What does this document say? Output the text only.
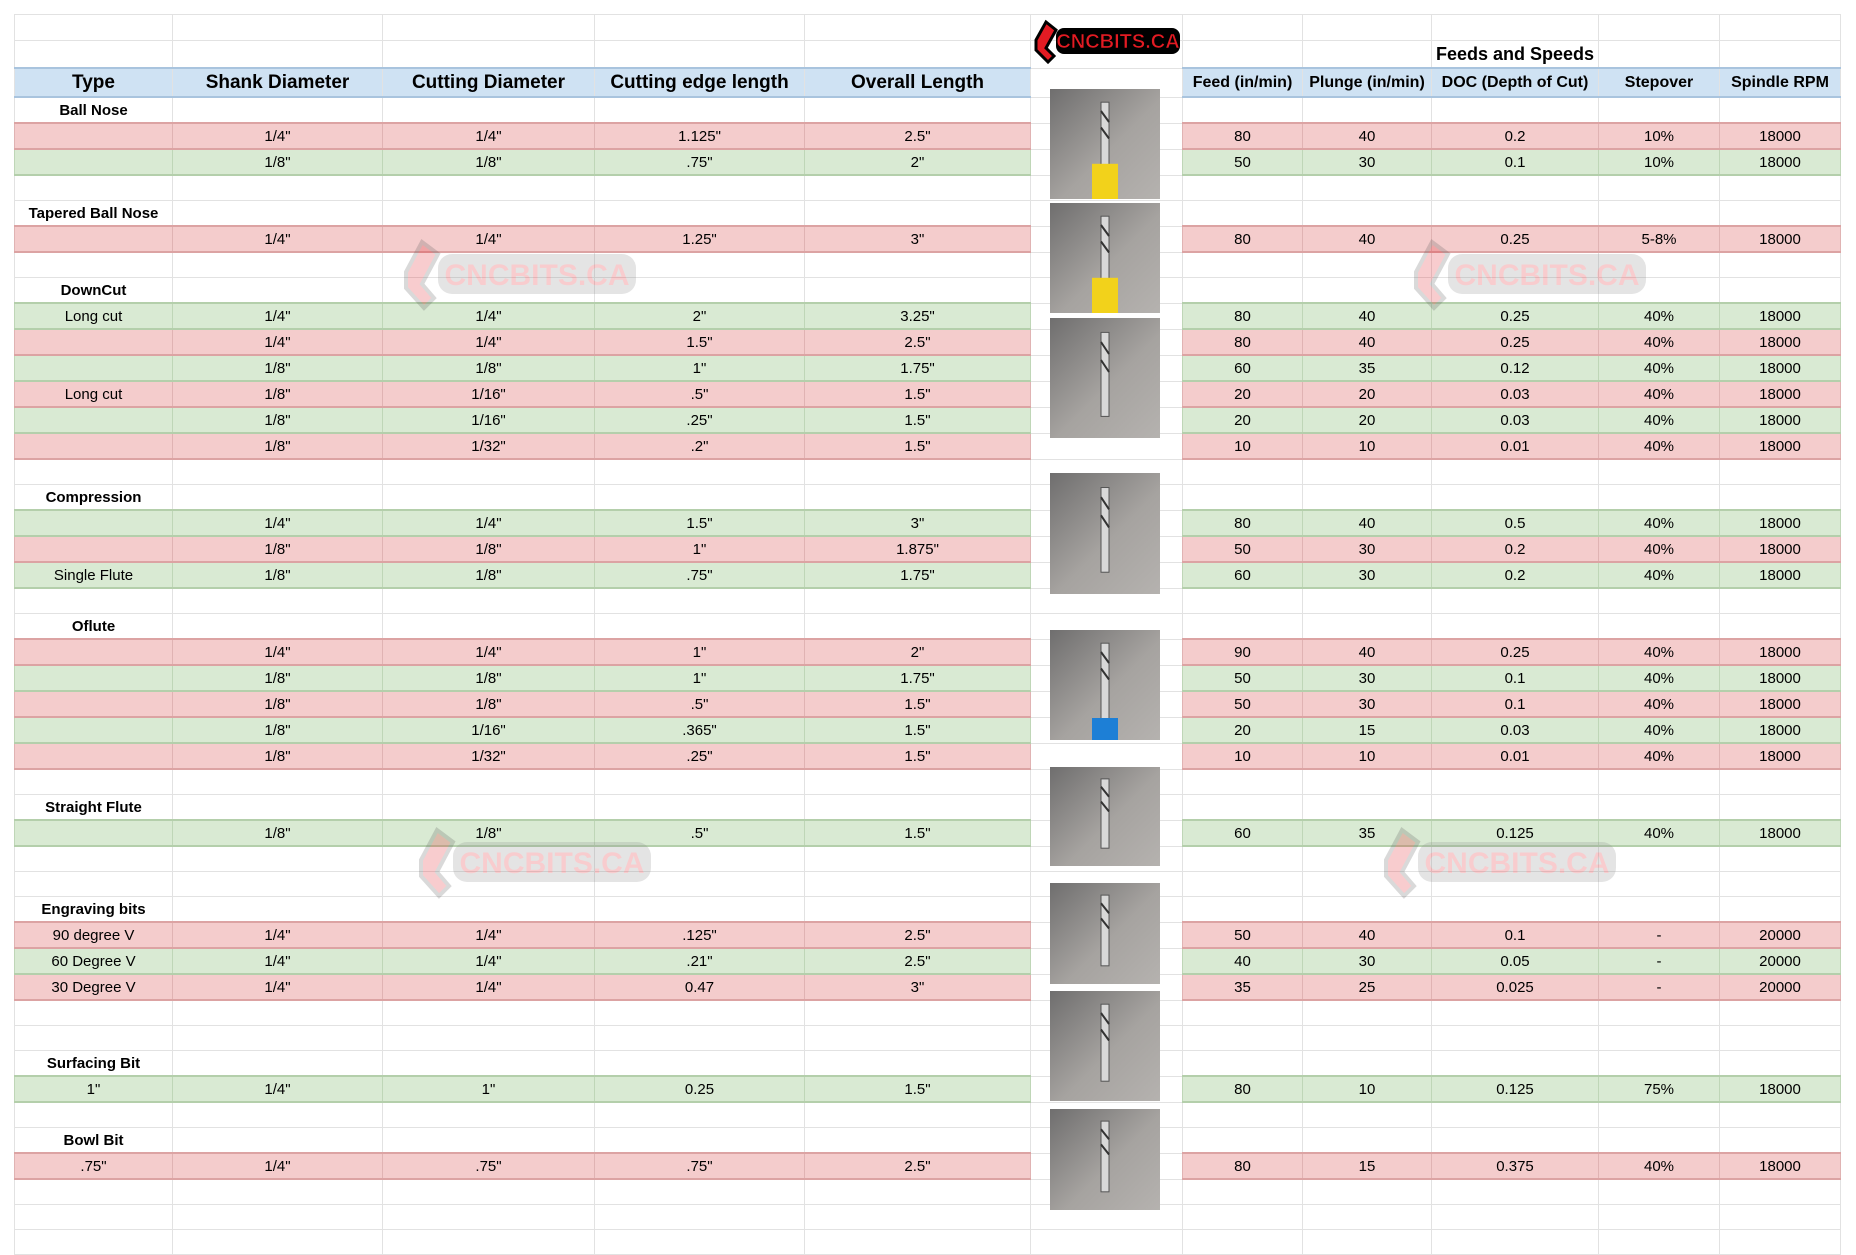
								Feeds and Speeds		
Type	Shank Diameter	Cutting Diameter	Cutting edge length	Overall Length		Feed (in/min)	Plunge (in/min)	DOC (Depth of Cut)	Stepover	Spindle RPM
Ball Nose										
	1/4"	1/4"	1.125"	2.5"		80	40	0.2	10%	18000
	1/8"	1/8"	.75"	2"		50	30	0.1	10%	18000

Tapered Ball Nose										
	1/4"	1/4"	1.25"	3"		80	40	0.25	5-8%	18000

DownCut										
Long cut	1/4"	1/4"	2"	3.25"		80	40	0.25	40%	18000
	1/4"	1/4"	1.5"	2.5"		80	40	0.25	40%	18000
	1/8"	1/8"	1"	1.75"		60	35	0.12	40%	18000
Long cut	1/8"	1/16"	.5"	1.5"		20	20	0.03	40%	18000
	1/8"	1/16"	.25"	1.5"		20	20	0.03	40%	18000
	1/8"	1/32"	.2"	1.5"		10	10	0.01	40%	18000

Compression										
	1/4"	1/4"	1.5"	3"		80	40	0.5	40%	18000
	1/8"	1/8"	1"	1.875"		50	30	0.2	40%	18000
Single Flute	1/8"	1/8"	.75"	1.75"		60	30	0.2	40%	18000

Oflute										
	1/4"	1/4"	1"	2"		90	40	0.25	40%	18000
	1/8"	1/8"	1"	1.75"		50	30	0.1	40%	18000
	1/8"	1/8"	.5"	1.5"		50	30	0.1	40%	18000
	1/8"	1/16"	.365"	1.5"		20	15	0.03	40%	18000
	1/8"	1/32"	.25"	1.5"		10	10	0.01	40%	18000

Straight Flute										
	1/8"	1/8"	.5"	1.5"		60	35	0.125	40%	18000

Engraving bits										
90 degree V	1/4"	1/4"	.125"	2.5"		50	40	0.1	-	20000
60 Degree V	1/4"	1/4"	.21"	2.5"		40	30	0.05	-	20000
30 Degree V	1/4"	1/4"	0.47	3"		35	25	0.025	-	20000

Surfacing Bit										
1"	1/4"	1"	0.25	1.5"		80	10	0.125	75%	18000

Bowl Bit										
.75"	1/4"	.75"	.75"	2.5"		80	15	0.375	40%	18000

CNCBITS.CA
CNCBITS.CA	CNCBITS.CA
CNCBITS.CA	CNCBITS.CA
